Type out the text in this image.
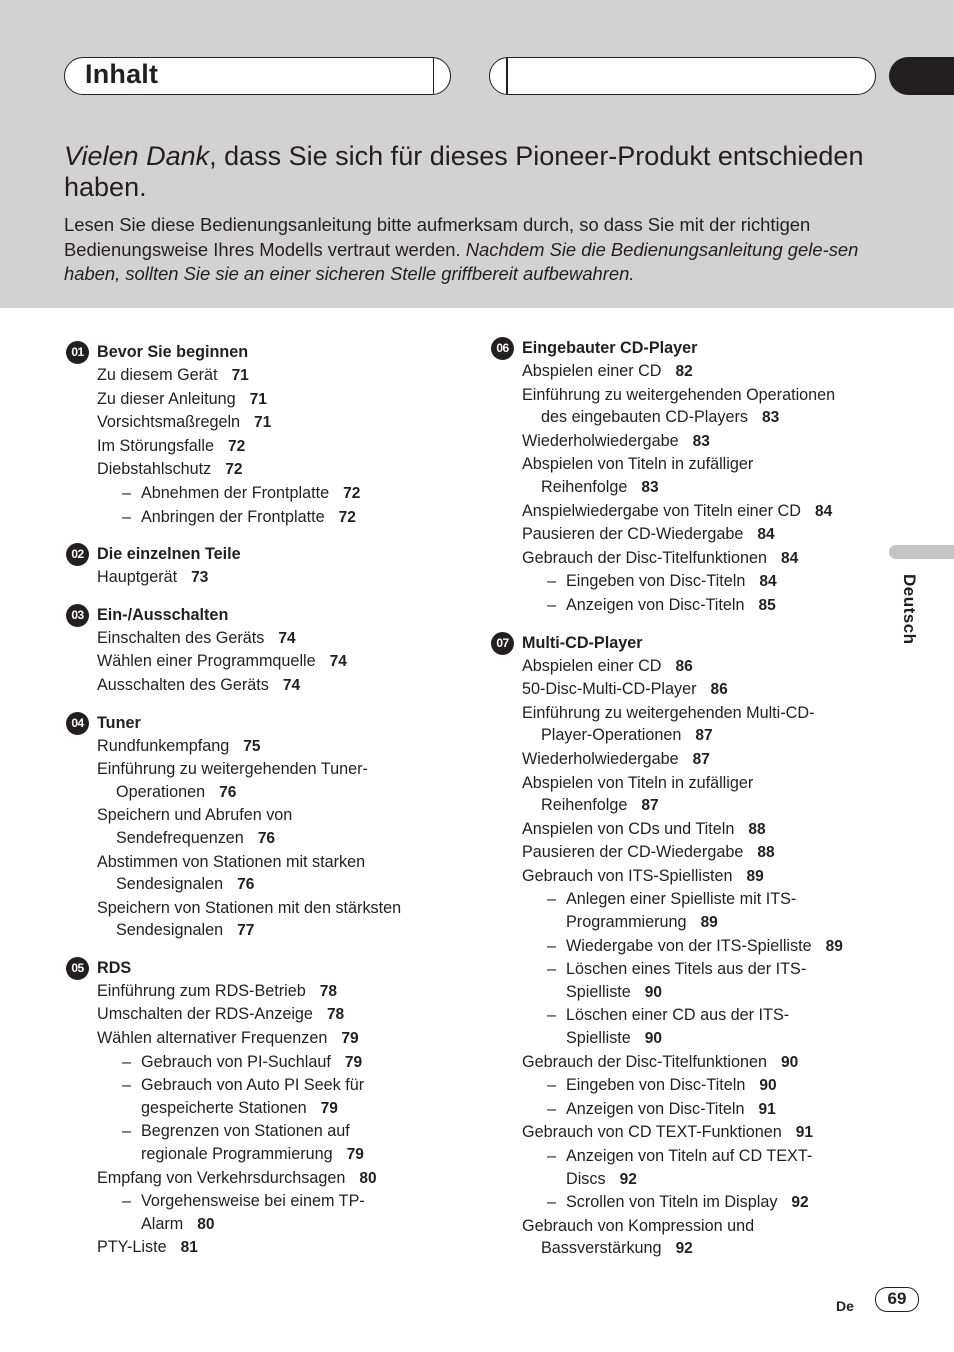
Inhalt
Vielen Dank, dass Sie sich für dieses Pioneer-Produkt entschieden haben.
Lesen Sie diese Bedienungsanleitung bitte aufmerksam durch, so dass Sie mit der richtigen Bedienungsweise Ihres Modells vertraut werden. Nachdem Sie die Bedienungsanleitung gele-sen haben, sollten Sie sie an einer sicheren Stelle griffbereit aufbewahren.
01 Bevor Sie beginnen
Zu diesem Gerät 71
Zu dieser Anleitung 71
Vorsichtsmaßregeln 71
Im Störungsfalle 72
Diebstahlschutz 72
– Abnehmen der Frontplatte 72
– Anbringen der Frontplatte 72
02 Die einzelnen Teile
Hauptgerät 73
03 Ein-/Ausschalten
Einschalten des Geräts 74
Wählen einer Programmquelle 74
Ausschalten des Geräts 74
04 Tuner
Rundfunkempfang 75
Einführung zu weitergehenden Tuner-
Operationen 76
Speichern und Abrufen von
Sendefrequenzen 76
Abstimmen von Stationen mit starken
Sendesignalen 76
Speichern von Stationen mit den stärksten
Sendesignalen 77
05 RDS
Einführung zum RDS-Betrieb 78
Umschalten der RDS-Anzeige 78
Wählen alternativer Frequenzen 79
– Gebrauch von PI-Suchlauf 79
– Gebrauch von Auto PI Seek für
gespeicherte Stationen 79
– Begrenzen von Stationen auf
regionale Programmierung 79
Empfang von Verkehrsdurchsagen 80
– Vorgehensweise bei einem TP-
Alarm 80
PTY-Liste 81
06 Eingebauter CD-Player
Abspielen einer CD 82
Einführung zu weitergehenden Operationen
des eingebauten CD-Players 83
Wiederholwiedergabe 83
Abspielen von Titeln in zufälliger
Reihenfolge 83
Anspielwiedergabe von Titeln einer CD 84
Pausieren der CD-Wiedergabe 84
Gebrauch der Disc-Titelfunktionen 84
– Eingeben von Disc-Titeln 84
– Anzeigen von Disc-Titeln 85
07 Multi-CD-Player
Abspielen einer CD 86
50-Disc-Multi-CD-Player 86
Einführung zu weitergehenden Multi-CD-
Player-Operationen 87
Wiederholwiedergabe 87
Abspielen von Titeln in zufälliger
Reihenfolge 87
Anspielen von CDs und Titeln 88
Pausieren der CD-Wiedergabe 88
Gebrauch von ITS-Spiellisten 89
– Anlegen einer Spielliste mit ITS-
Programmierung 89
– Wiedergabe von der ITS-Spielliste 89
– Löschen eines Titels aus der ITS-
Spielliste 90
– Löschen einer CD aus der ITS-
Spielliste 90
Gebrauch der Disc-Titelfunktionen 90
– Eingeben von Disc-Titeln 90
– Anzeigen von Disc-Titeln 91
Gebrauch von CD TEXT-Funktionen 91
– Anzeigen von Titeln auf CD TEXT-
Discs 92
– Scrollen von Titeln im Display 92
Gebrauch von Kompression und
Bassverstärkung 92
Deutsch
De	69
